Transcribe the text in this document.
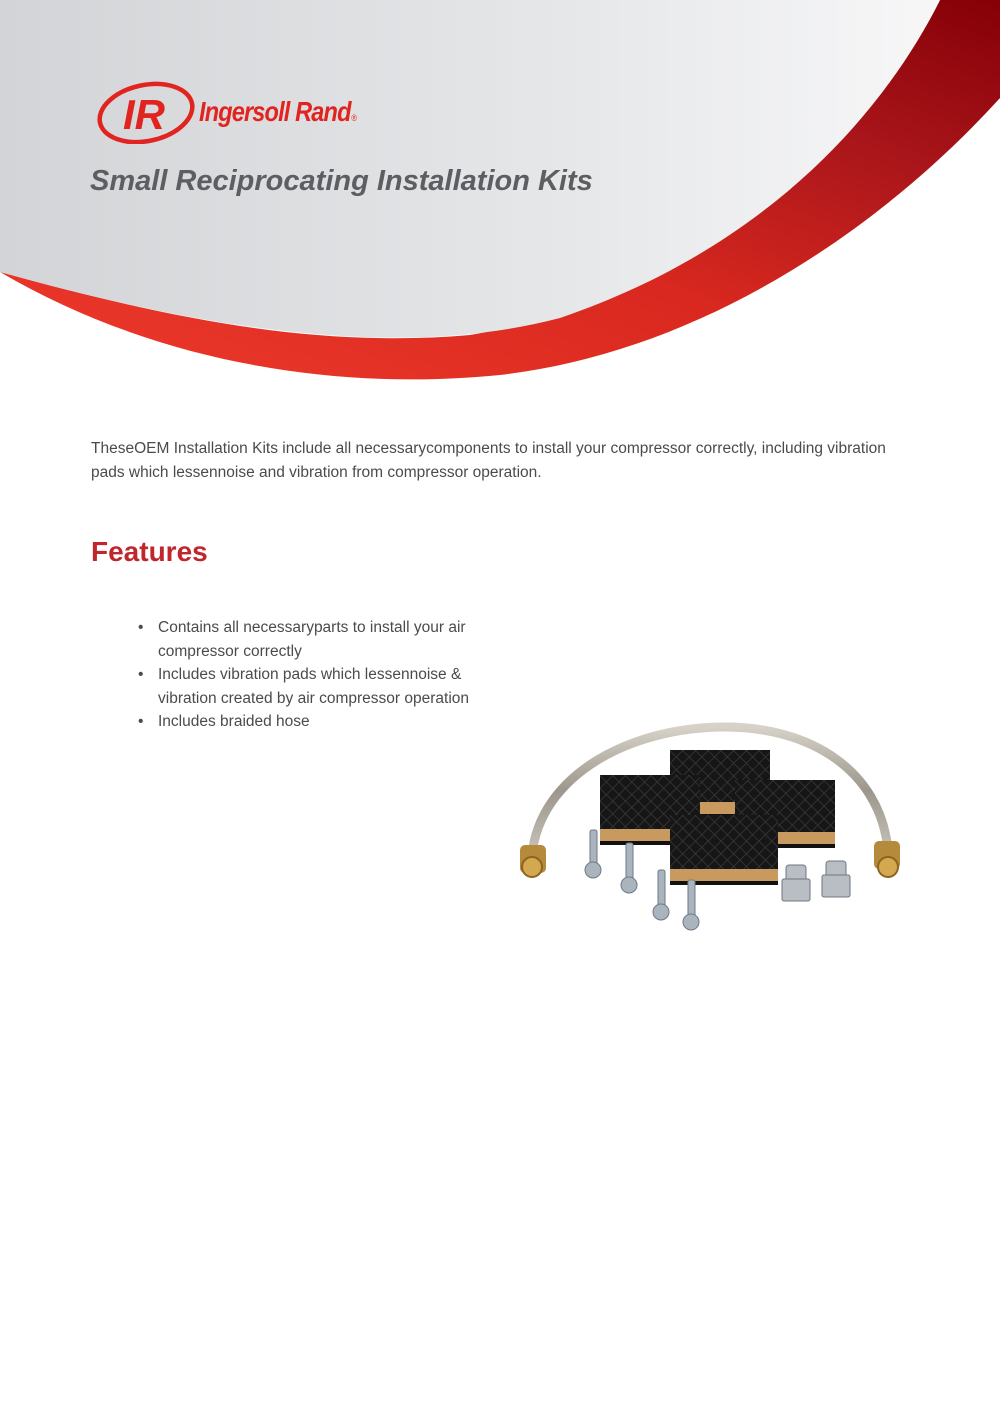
IR Ingersoll Rand®
Small Reciprocating Installation Kits

TheseOEM Installation Kits include all necessarycomponents to install your compressor correctly, including vibration pads which lessennoise and vibration from compressor operation.

Features
• Contains all necessaryparts to install your air compressor correctly
• Includes vibration pads which lessennoise & vibration created by air compressor operation
• Includes braided hose
